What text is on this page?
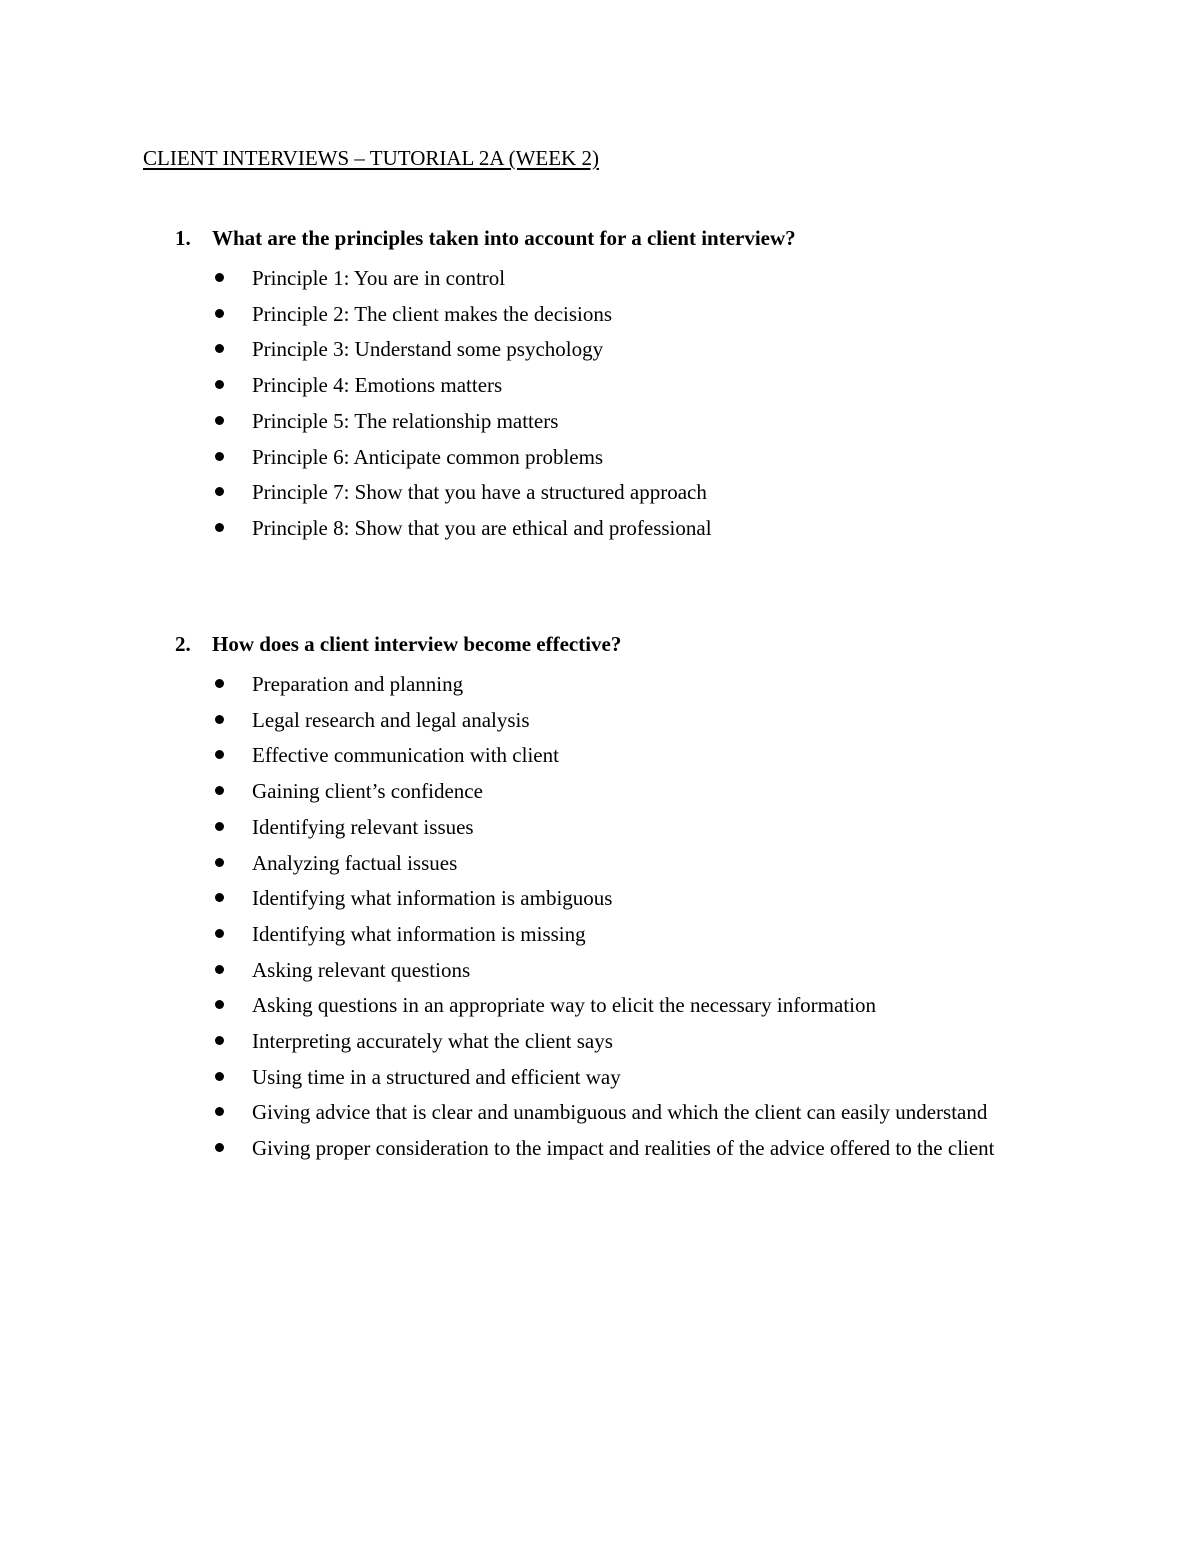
CLIENT INTERVIEWS – TUTORIAL 2A (WEEK 2)
1. What are the principles taken into account for a client interview?
Principle 1: You are in control
Principle 2: The client makes the decisions
Principle 3: Understand some psychology
Principle 4: Emotions matters
Principle 5: The relationship matters
Principle 6: Anticipate common problems
Principle 7: Show that you have a structured approach
Principle 8: Show that you are ethical and professional
2. How does a client interview become effective?
Preparation and planning
Legal research and legal analysis
Effective communication with client
Gaining client’s confidence
Identifying relevant issues
Analyzing factual issues
Identifying what information is ambiguous
Identifying what information is missing
Asking relevant questions
Asking questions in an appropriate way to elicit the necessary information
Interpreting accurately what the client says
Using time in a structured and efficient way
Giving advice that is clear and unambiguous and which the client can easily understand
Giving proper consideration to the impact and realities of the advice offered to the client
